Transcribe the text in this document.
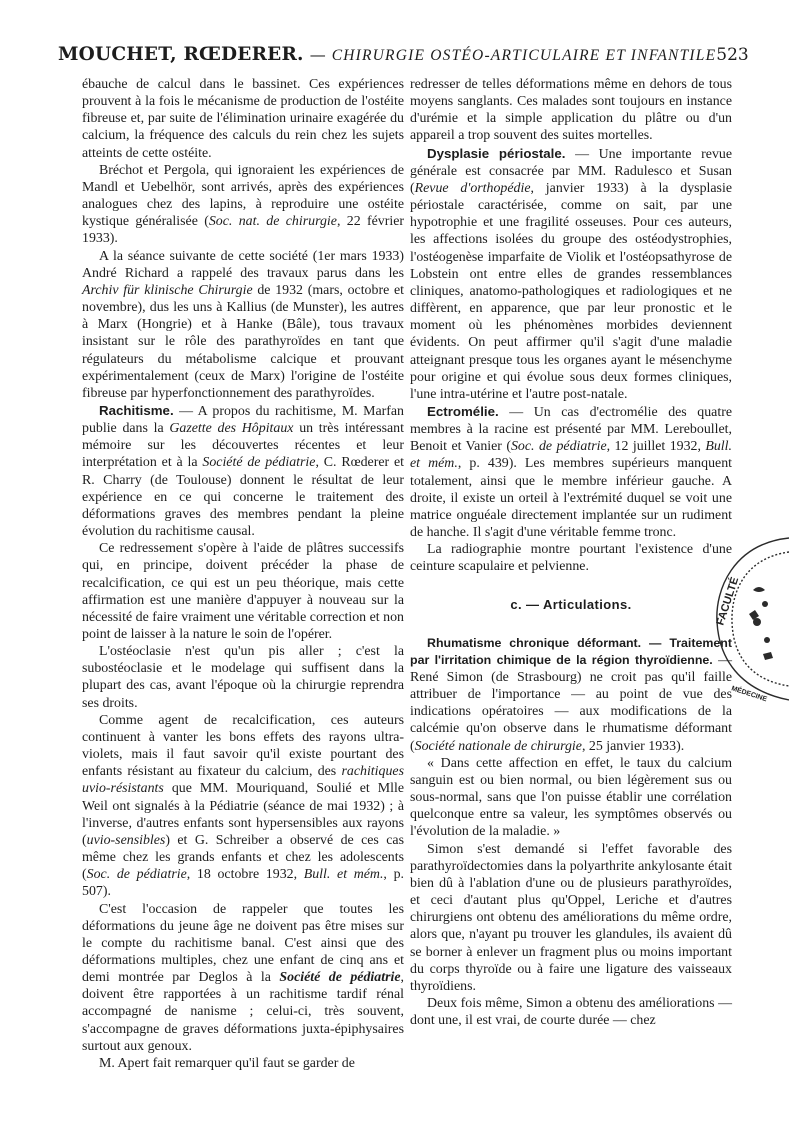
MOUCHET, RŒDERER. — CHIRURGIE OSTÉO-ARTICULAIRE ET INFANTILE 523

ébauche de calcul dans le bassinet. Ces expériences prouvent à la fois le mécanisme de production de l'ostéite fibreuse et, par suite de l'élimination urinaire exagérée du calcium, la fréquence des calculs du rein chez les sujets atteints de cette ostéite.

Bréchot et Pergola, qui ignoraient les expériences de Mandl et Uebelhör, sont arrivés, après des expériences analogues chez des lapins, à reproduire une ostéite kystique généralisée (Soc. nat. de chirurgie, 22 février 1933).

A la séance suivante de cette société (1er mars 1933) André Richard a rappelé des travaux parus dans les Archiv für klinische Chirurgie de 1932 (mars, octobre et novembre), dus les uns à Kallius (de Munster), les autres à Marx (Hongrie) et à Hanke (Bâle), tous travaux insistant sur le rôle des parathyroïdes en tant que régulateurs du métabolisme calcique et prouvant expérimentalement (ceux de Marx) l'origine de l'ostéite fibreuse par hyperfonctionnement des parathyroïdes.

Rachitisme. — A propos du rachitisme, M. Marfan publie dans la Gazette des Hôpitaux un très intéressant mémoire sur les découvertes récentes et leur interprétation et à la Société de pédiatrie, C. Rœderer et R. Charry (de Toulouse) donnent le résultat de leur expérience en ce qui concerne le traitement des déformations graves des membres pendant la pleine évolution du rachitisme causal.

Ce redressement s'opère à l'aide de plâtres successifs qui, en principe, doivent précéder la phase de recalcification, ce qui est un peu théorique, mais cette affirmation est une manière d'appuyer à nouveau sur la nécessité de faire vraiment une véritable correction et non point de laisser à la nature le soin de l'opérer.

L'ostéoclasie n'est qu'un pis aller ; c'est la subostéoclasie et le modelage qui suffisent dans la plupart des cas, avant l'époque où la chirurgie reprendra ses droits.

Comme agent de recalcification, ces auteurs continuent à vanter les bons effets des rayons ultra-violets, mais il faut savoir qu'il existe pourtant des enfants résistant au fixateur du calcium, des rachitiques uvio-résistants que MM. Mouriquand, Soulié et Mlle Weil ont signalés à la Pédiatrie (séance de mai 1932) ; à l'inverse, d'autres enfants sont hypersensibles aux rayons (uvio-sensibles) et G. Schreiber a observé de ces cas même chez les grands enfants et chez les adolescents (Soc. de pédiatrie, 18 octobre 1932, Bull. et mém., p. 507).

C'est l'occasion de rappeler que toutes les déformations du jeune âge ne doivent pas être mises sur le compte du rachitisme banal. C'est ainsi que des déformations multiples, chez une enfant de cinq ans et demi montrée par Deglos à la Société de pédiatrie, doivent être rapportées à un rachitisme tardif rénal accompagné de nanisme ; celui-ci, très souvent, s'accompagne de graves déformations juxta-épiphysaires surtout aux genoux.

M. Apert fait remarquer qu'il faut se garder de

redresser de telles déformations même en dehors de tous moyens sanglants. Ces malades sont toujours en instance d'urémie et la simple application du plâtre ou d'un appareil a trop souvent des suites mortelles.

Dysplasie périostale. — Une importante revue générale est consacrée par MM. Radulesco et Susan (Revue d'orthopédie, janvier 1933) à la dysplasie périostale caractérisée, comme on sait, par une hypotrophie et une fragilité osseuses. Pour ces auteurs, les affections isolées du groupe des ostéodystrophies, l'ostéogenèse imparfaite de Violik et l'ostéopsathyrose de Lobstein ont entre elles de grandes ressemblances cliniques, anatomo-pathologiques et radiologiques et ne diffèrent, en apparence, que par leur pronostic et le moment où les phénomènes morbides deviennent évidents. On peut affirmer qu'il s'agit d'une maladie atteignant presque tous les organes ayant le mésenchyme pour origine et qui évolue sous deux formes cliniques, l'une intra-utérine et l'autre post-natale.

Ectromélie. — Un cas d'ectromélie des quatre membres à la racine est présenté par MM. Lereboullet, Benoit et Vanier (Soc. de pédiatrie, 12 juillet 1932, Bull. et mém., p. 439). Les membres supérieurs manquent totalement, ainsi que le membre inférieur gauche. A droite, il existe un orteil à l'extrémité duquel se voit une matrice onguéale directement implantée sur un rudiment de hanche. Il s'agit d'une véritable femme tronc.

La radiographie montre pourtant l'existence d'une ceinture scapulaire et pelvienne.

c. — Articulations.

Rhumatisme chronique déformant. — Traitement par l'irritation chimique de la région thyroïdienne. — René Simon (de Strasbourg) ne croit pas qu'il faille attribuer de l'importance — au point de vue des indications opératoires — aux modifications de la calcémie qu'on observe dans le rhumatisme déformant (Société nationale de chirurgie, 25 janvier 1933).

« Dans cette affection en effet, le taux du calcium sanguin est ou bien normal, ou bien légèrement sus ou sous-normal, sans que l'on puisse établir une corrélation quelconque entre sa valeur, les symptômes observés ou l'évolution de la maladie. »

Simon s'est demandé si l'effet favorable des parathyroïdectomies dans la polyarthrite ankylosante était bien dû à l'ablation d'une ou de plusieurs parathyroïdes, et ceci d'autant plus qu'Oppel, Leriche et d'autres chirurgiens ont obtenu des améliorations du même ordre, alors que, n'ayant pu trouver les glandules, ils avaient dû se borner à enlever un fragment plus ou moins important du corps thyroïde ou à faire une ligature des vaisseaux thyroïdiens.

Deux fois même, Simon a obtenu des améliorations — dont une, il est vrai, de courte durée — chez

FACULTÉ
MÉDECINE
